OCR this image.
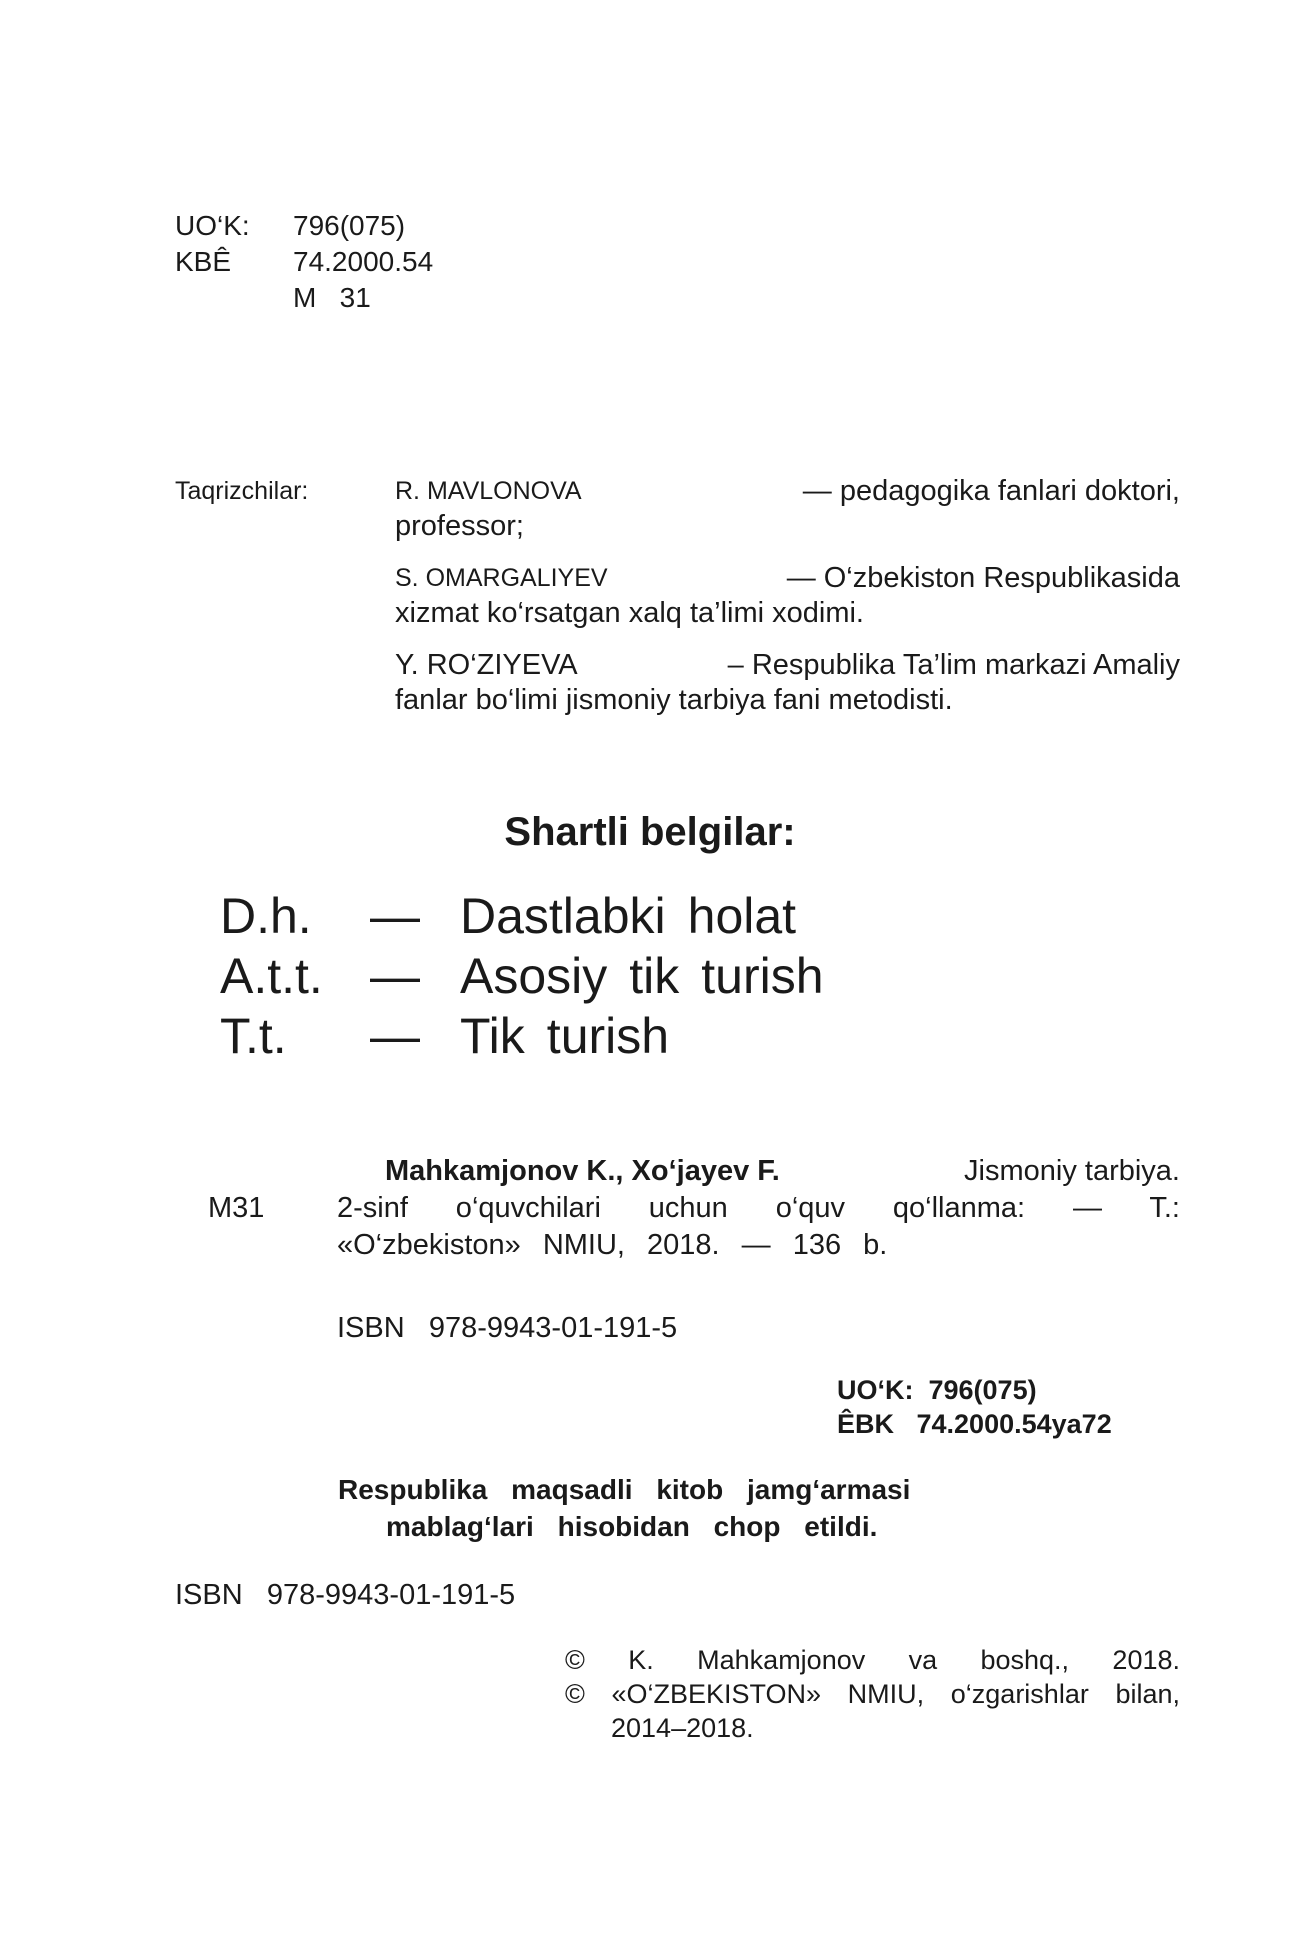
UO‘K: 796(075)
KBÊ 74.2000.54
M   31
Taqrizchilar:	R. MAVLONOVA	— pedagogika fanlari doktori,
professor;
S. OMARGALIYEV	— O‘zbekiston Respublikasida
xizmat ko‘rsatgan xalq ta’limi xodimi.
Y. RO‘ZIYEVA	– Respublika Ta’lim markazi Amaliy
fanlar bo‘limi jismoniy tarbiya fani metodisti.
Shartli belgilar:
D.h. — Dastlabki holat
A.t.t. — Asosiy tik turish
T.t. — Tik turish
M31
Mahkamjonov K., Xo‘jayev F.	Jismoniy tarbiya.
2-sinf o‘quvchilari uchun o‘quv qo‘llanma: — T.:
«O‘zbekiston» NMIU, 2018. — 136 b.
ISBN   978-9943-01-191-5
UO‘K:  796(075)
ÊBK   74.2000.54ya72
Respublika maqsadli kitob jamg‘armasi
mablag‘lari hisobidan chop etildi.
ISBN   978-9943-01-191-5
© K. Mahkamjonov va boshq., 2018.
© «O‘ZBEKISTON» NMIU, o‘zgarishlar bilan,
2014–2018.
